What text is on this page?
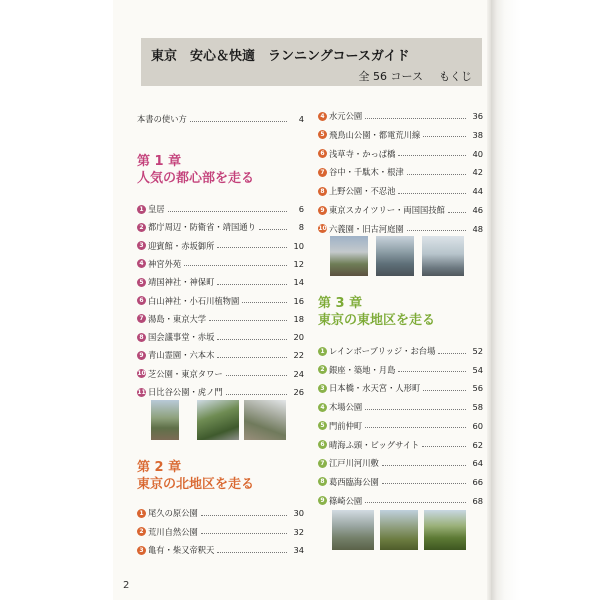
東京 安心＆快適 ランニングコースガイド
全 56 コース もくじ
本書の使い方	4
第 1 章
人気の都心部を走る
1 皇居	6
2 都庁周辺・防衛省・靖国通り	8
3 迎賓館・赤坂御所	10
4 神宮外苑	12
5 靖国神社・神保町	14
6 白山神社・小石川植物園	16
7 湯島・東京大学	18
8 国会議事堂・赤坂	20
9 青山霊園・六本木	22
10 芝公園・東京タワー	24
11 日比谷公園・虎ノ門	26
第 2 章
東京の北地区を走る
1 尾久の原公園	30
2 荒川自然公園	32
3 亀有・柴又帝釈天	34
4 水元公園	36
5 飛鳥山公園・都電荒川線	38
6 浅草寺・かっぱ橋	40
7 谷中・千駄木・根津	42
8 上野公園・不忍池	44
9 東京スカイツリー・両国国技館	46
10 六義園・旧古河庭園	48
第 3 章
東京の東地区を走る
1 レインボーブリッジ・お台場	52
2 銀座・築地・月島	54
3 日本橋・水天宮・人形町	56
4 木場公園	58
5 門前仲町	60
6 晴海ふ頭・ビッグサイト	62
7 江戸川河川敷	64
8 葛西臨海公園	66
9 篠崎公園	68
2
